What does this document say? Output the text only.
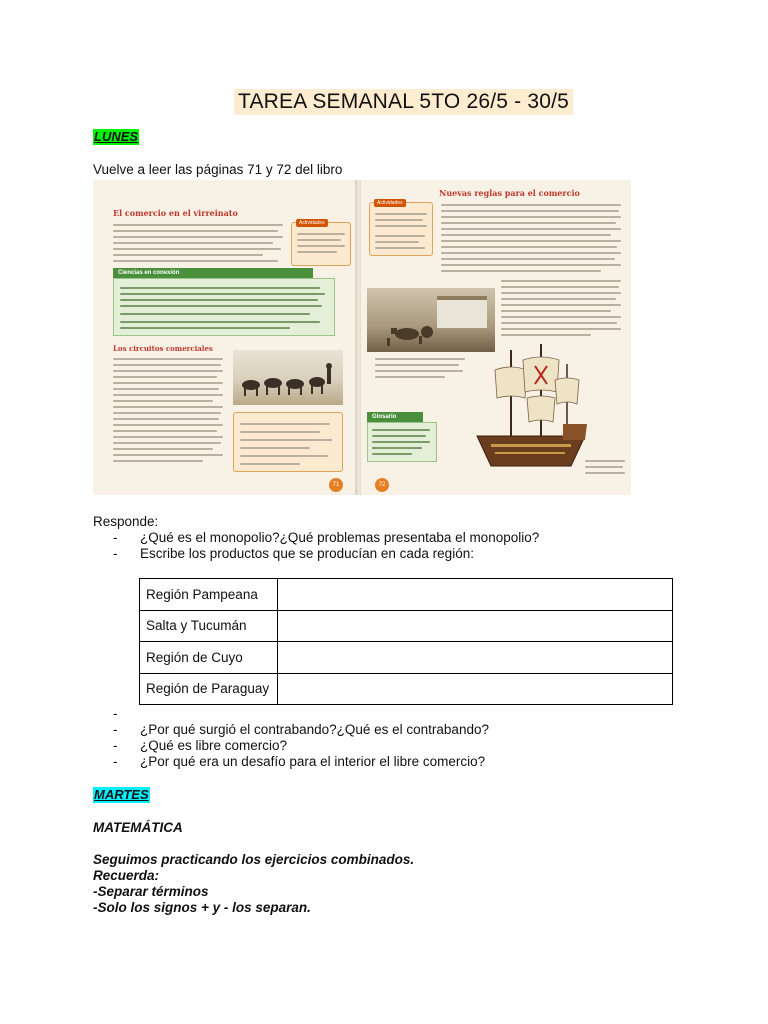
TAREA SEMANAL 5TO 26/5 - 30/5
LUNES
Vuelve a leer las páginas 71 y 72 del libro
El comercio en el virreinato
Actividades
Ciencias en conexión
Los circuitos comerciales
71
Actividades
Nuevas reglas para el comercio
Glosario
72
Responde:
- ¿Qué es el monopolio?¿Qué problemas presentaba el monopolio?
- Escribe los productos que se producían en cada región:
Región Pampeana	
Salta y Tucumán	
Región de Cuyo	
Región de Paraguay	
-
- ¿Por qué surgió el contrabando?¿Qué es el contrabando?
- ¿Qué es libre comercio?
- ¿Por qué era un desafío para el interior el libre comercio?
MARTES
MATEMÁTICA
Seguimos practicando los ejercicios combinados.
Recuerda:
-Separar términos
-Solo los signos + y - los separan.
